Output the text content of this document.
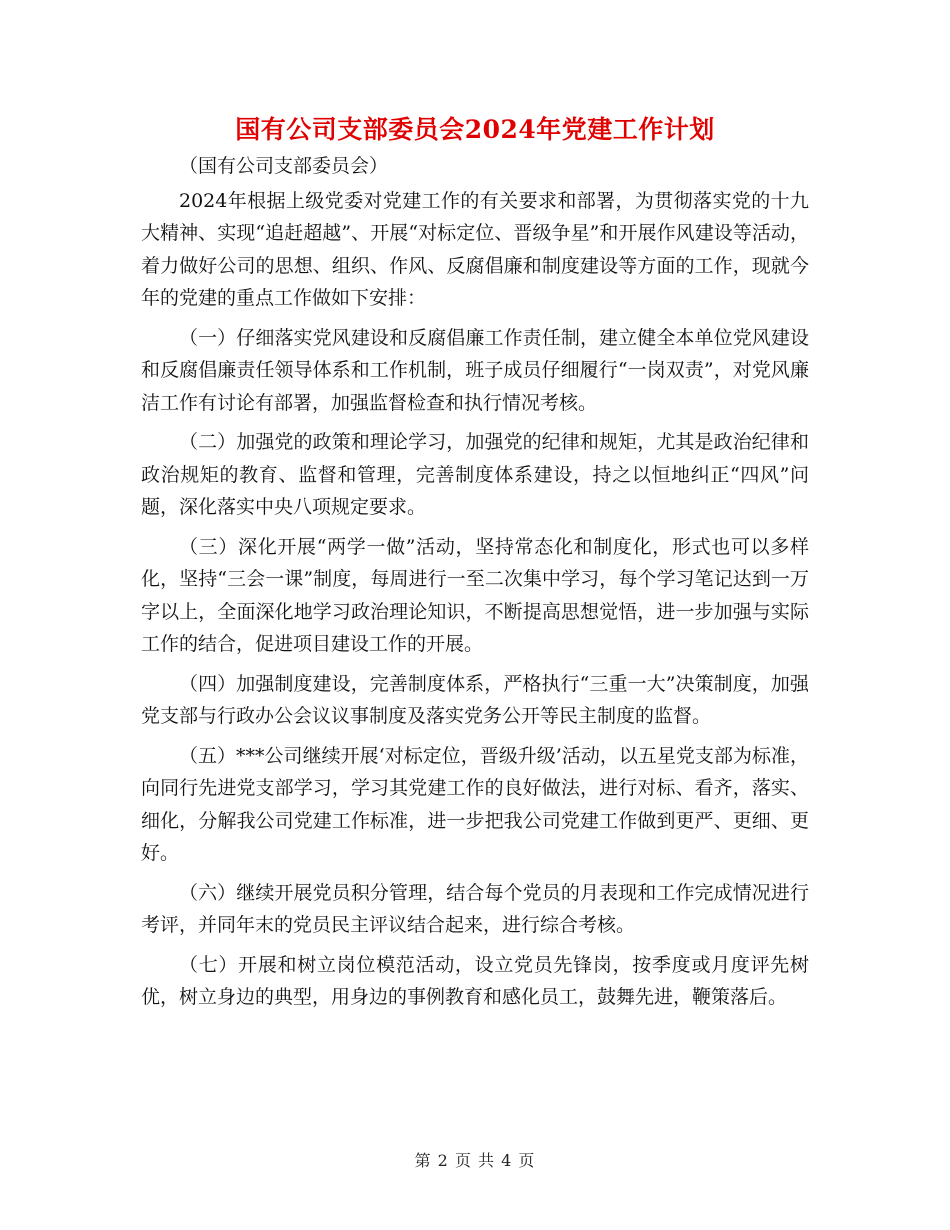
国有公司支部委员会2024年党建工作计划

（国有公司支部委员会）

2024年根据上级党委对党建工作的有关要求和部署，为贯彻落实党的十九大精神、实现“追赶超越”、开展“对标定位、晋级争星”和开展作风建设等活动，着力做好公司的思想、组织、作风、反腐倡廉和制度建设等方面的工作，现就今年的党建的重点工作做如下安排：

（一）仔细落实党风建设和反腐倡廉工作责任制，建立健全本单位党风建设和反腐倡廉责任领导体系和工作机制，班子成员仔细履行“一岗双责”，对党风廉洁工作有讨论有部署，加强监督检查和执行情况考核。

（二）加强党的政策和理论学习，加强党的纪律和规矩，尤其是政治纪律和政治规矩的教育、监督和管理，完善制度体系建设，持之以恒地纠正“四风”问题，深化落实中央八项规定要求。

（三）深化开展“两学一做”活动，坚持常态化和制度化，形式也可以多样化，坚持“三会一课”制度，每周进行一至二次集中学习，每个学习笔记达到一万字以上，全面深化地学习政治理论知识，不断提高思想觉悟，进一步加强与实际工作的结合，促进项目建设工作的开展。

（四）加强制度建设，完善制度体系，严格执行“三重一大”决策制度，加强党支部与行政办公会议议事制度及落实党务公开等民主制度的监督。

（五）***公司继续开展‘对标定位，晋级升级’活动，以五星党支部为标准，向同行先进党支部学习，学习其党建工作的良好做法，进行对标、看齐，落实、细化，分解我公司党建工作标准，进一步把我公司党建工作做到更严、更细、更好。

（六）继续开展党员积分管理，结合每个党员的月表现和工作完成情况进行考评，并同年末的党员民主评议结合起来，进行综合考核。

（七）开展和树立岗位模范活动，设立党员先锋岗，按季度或月度评先树优，树立身边的典型，用身边的事例教育和感化员工，鼓舞先进，鞭策落后。

第 2 页 共 4 页
